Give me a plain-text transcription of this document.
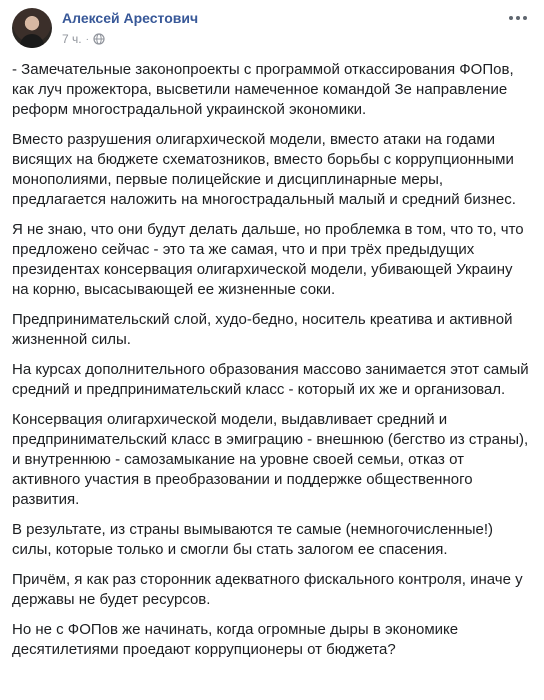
Алексей Арестович
7 ч. ·

- Замечательные законопроекты с программой откассирования ФОПов, как луч прожектора, высветили намеченное командой Зе направление реформ многострадальной украинской экономики.

Вместо разрушения олигархической модели, вместо атаки на годами висящих на бюджете схематозников, вместо борьбы с коррупционными монополиями, первые полицейские и дисциплинарные меры, предлагается наложить на многострадальный малый и средний бизнес.

Я не знаю, что они будут делать дальше, но проблемка в том, что то, что предложено сейчас - это та же самая, что и при трёх предыдущих президентах консервация олигархической модели, убивающей Украину на корню, высасывающей ее жизненные соки.

Предпринимательский слой, худо-бедно, носитель креатива и активной жизненной силы.

На курсах дополнительного образования массово занимается этот самый средний и предпринимательский класс - который их же и организовал.

Консервация олигархической модели, выдавливает средний и предпринимательский класс в эмиграцию - внешнюю (бегство из страны), и внутреннюю - самозамыкание на уровне своей семьи, отказ от активного участия в преобразовании и поддержке общественного развития.

В результате, из страны вымываются те самые (немногочисленные!) силы, которые только и смогли бы стать залогом ее спасения.

Причём, я как раз сторонник адекватного фискального контроля, иначе у державы не будет ресурсов.

Но не с ФОПов же начинать, когда огромные дыры в экономике десятилетиями проедают коррупционеры от бюджета?
